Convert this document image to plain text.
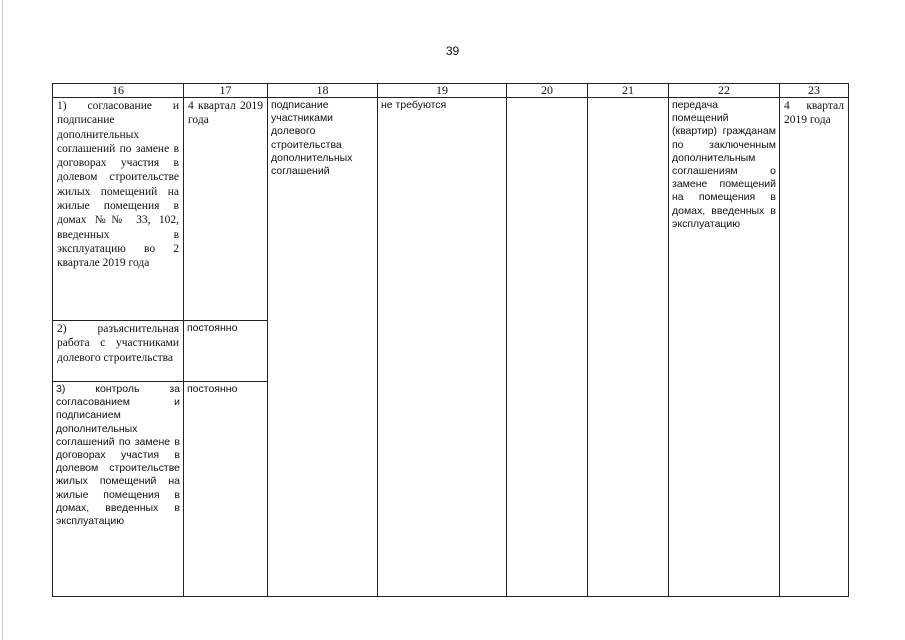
39
16	17	18	19	20	21	22	23

1) согласование и подписание дополнительных соглашений по замене в договорах участия в долевом строительстве жилых помещений на жилые помещения в домах №№ 33, 102, введенных в эксплуатацию во 2 квартале 2019 года	4 квартал 2019 года	подписание участниками долевого строительства дополнительных соглашений	не требуются			передача помещений (квартир) гражданам по заключенным дополнительным соглашениям о замене помещений на помещения в домах, введенных в эксплуатацию	4 квартал 2019 года

2) разъяснительная работа с участниками долевого строительства	постоянно						

3) контроль за согласованием и подписанием дополнительных соглашений по замене в договорах участия в долевом строительстве жилых помещений на жилые помещения в домах, введенных в эксплуатацию	постоянно						
